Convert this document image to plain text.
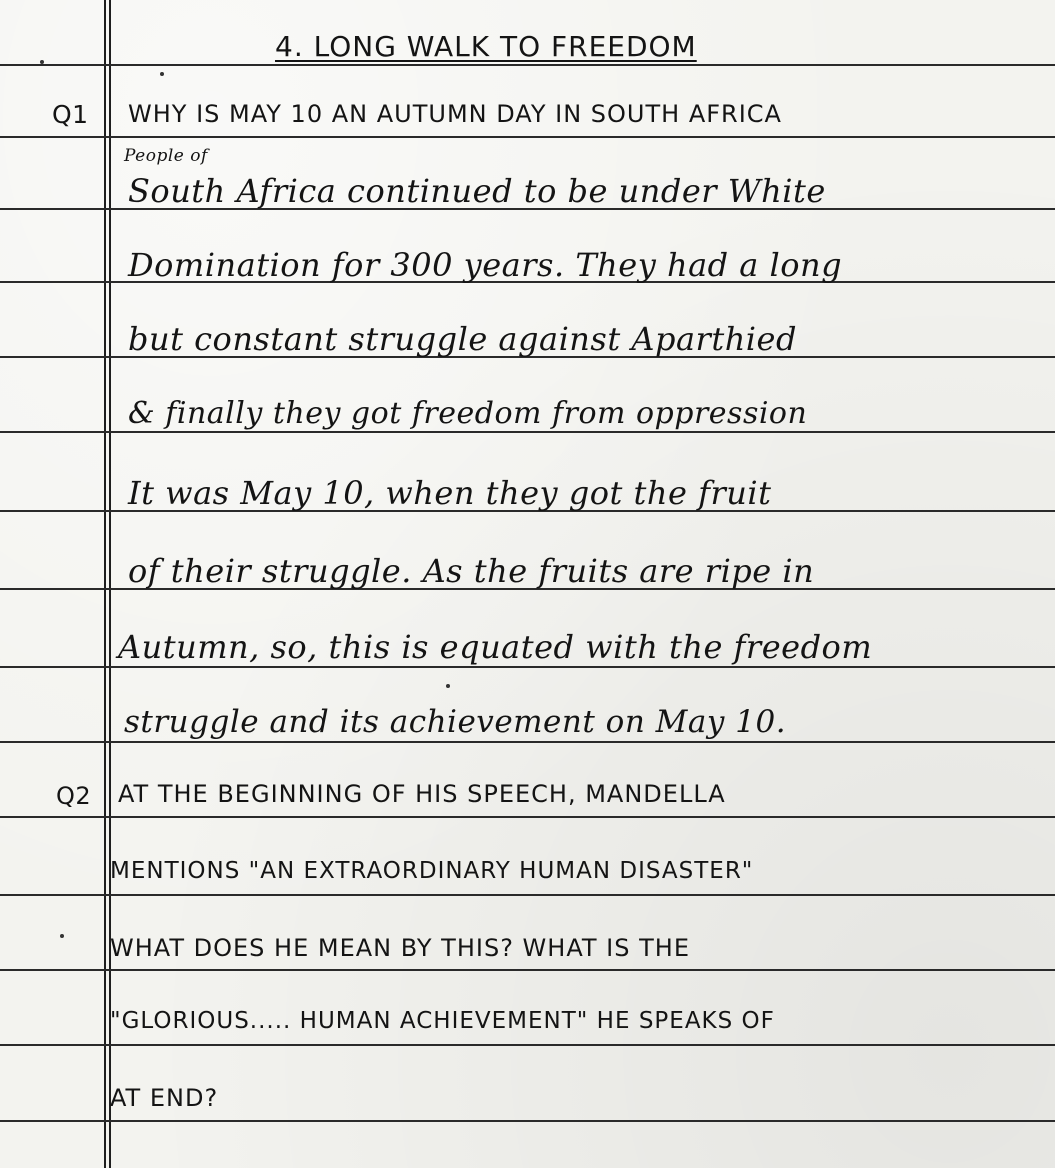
4. LONG WALK TO FREEDOM
Q1 WHY IS MAY 10 AN AUTUMN DAY IN SOUTH AFRICA
People of
South Africa continued to be under White
Domination for 300 years. They had a long
but constant struggle against Aparthied
& finally they got freedom from oppression
It was May 10, when they got the fruit
of their struggle. As the fruits are ripe in
Autumn, so, this is equated with the freedom
struggle and its achievement on May 10.
Q2 AT THE BEGINNING OF HIS SPEECH, MANDELLA
MENTIONS "AN EXTRAORDINARY HUMAN DISASTER"
WHAT DOES HE MEAN BY THIS? WHAT IS THE
"GLORIOUS..... HUMAN ACHIEVEMENT" HE SPEAKS OF
AT END?
